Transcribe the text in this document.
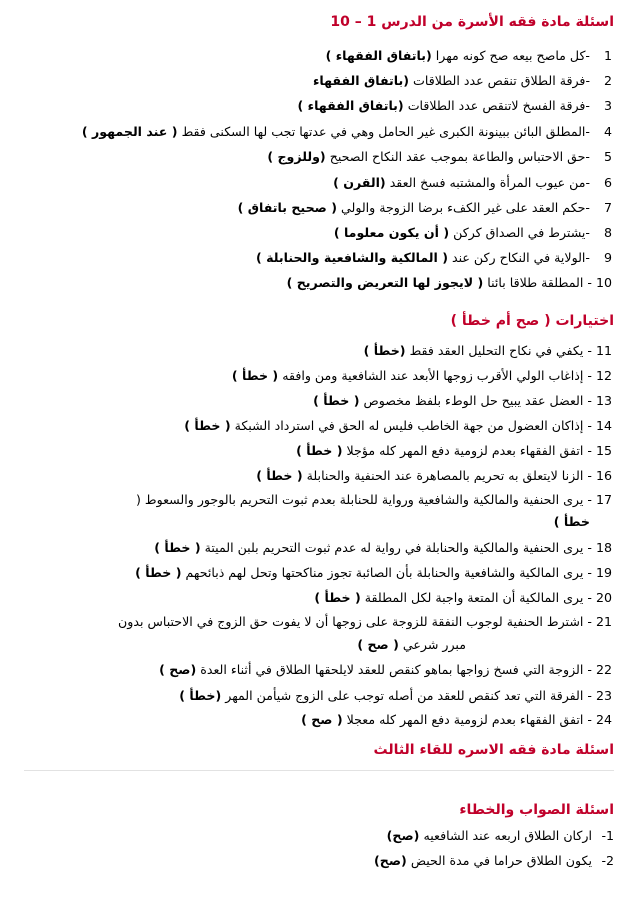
اسئلة مادة فقه الأسرة من الدرس 1 – 10
1 -كل ماصح بيعه صح كونه مهرا (باتفاق الفقهاء )
2 -فرقة الطلاق تنقص عدد الطلاقات (باتفاق الفقهاء
3 -فرقة الفسخ لاتنقص عدد الطلاقات (باتفاق الفقهاء )
4 -المطلق البائن ببينونة الكبرى غير الحامل وهي في عدتها تجب لها السكنى فقط ( عند الجمهور )
5 -حق الاحتباس والطاعة بموجب عقد النكاح الصحيح (وللزوج )
6 -من عيوب المرأة والمشتبه فسخ العقد (القرن )
7 -حكم العقد على غير الكفء برضا الزوجة والولي ( صحيح باتفاق )
8 -يشترط في الصداق كركن ( أن يكون معلوما )
9 -الولاية في النكاح ركن عند ( المالكية والشافعية والحنابلة )
10 - المطلقة طلاقا بائنا ( لايجوز لها التعريض والتصريح )
اختيارات ( صح أم خطأ )
11 - يكفي في نكاح التحليل العقد فقط (خطأ )
12 - إذاغاب الولي الأقرب زوجها الأبعد عند الشافعية ومن وافقه ( خطأ )
13 - العضل عقد يبيح حل الوطء بلفظ مخصوص ( خطأ )
14 - إذاكان العضول من جهة الخاطب فليس له الحق في استرداد الشبكة ( خطأ )
15 - اتفق الفقهاء بعدم لزومية دفع المهر كله مؤجلا ( خطأ )
16 - الزنا لايتعلق به تحريم بالمصاهرة عند الحنفية والحنابلة ( خطأ )
17 - يرى الحنفية والمالكية والشافعية ورواية للحنابلة بعدم ثبوت التحريم بالوجور والسعوط (
خطأ )
18 - يرى الحنفية والمالكية والحنابلة في رواية له عدم ثبوت التحريم بلبن الميتة ( خطأ )
19 - يرى المالكية والشافعية والحنابلة بأن الصائبة تجوز مناكحتها وتحل لهم ذبائحهم ( خطأ )
20 - يرى المالكية أن المتعة واجبة لكل المطلقة ( خطأ )
21 - اشترط الحنفية لوجوب النفقة للزوجة على زوجها أن لا يفوت حق الزوج في الاحتباس بدون
مبرر شرعي ( صح )
22 - الزوجة التي فسخ زواجها بماهو كنقص للعقد لايلحقها الطلاق في أثناء العدة (صح )
23 - الفرقة التي تعد كنقص للعقد من أصله توجب على الزوج شيأمن المهر (خطأ )
24 - اتفق الفقهاء بعدم لزومية دفع المهر كله معجلا ( صح )
اسئلة مادة فقه الاسره للقاء الثالث
اسئلة الصواب والخطاء
1- اركان الطلاق اربعه عند الشافعيه (صح)
2- يكون الطلاق حراما في مدة الحيض (صح)
